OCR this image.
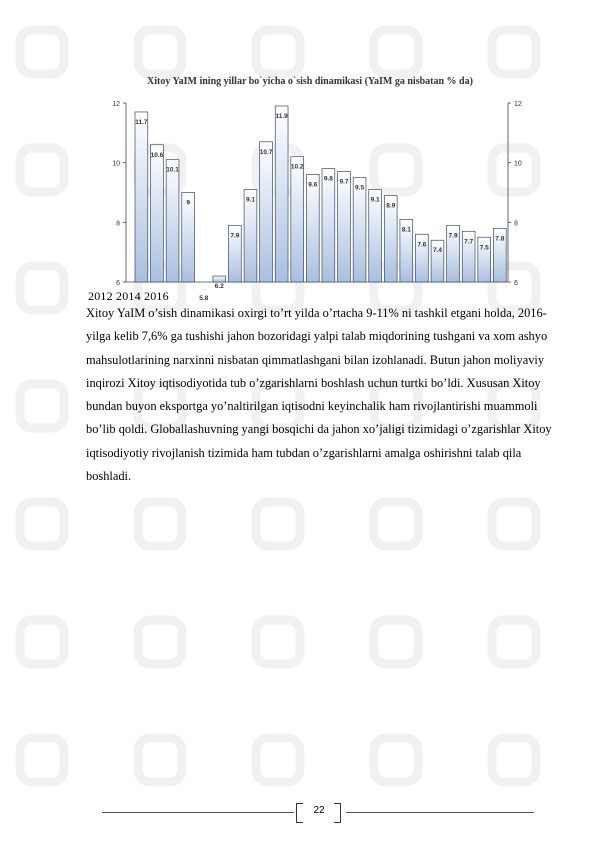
6	6
8	8
10	10
12	12
11.7
10.6
10.1
9
5.8
6.2
7.9
9.1
10.7
11.9
10.2
9.6
9.8 9.7
9.5
9.1
8.9
8.1
7.6
7.4
7.9
7.7
7.5
7.8
Xitoy YaIM ining yillar bo`yicha o`sish dinamikasi (YaIM ga nisbatan % da)
2012 2014 2016

Xitoy YaIM o’sish dinamikasi oxirgi to’rt yilda o’rtacha 9-11% ni tashkil etgani holda, 2016- yilga kelib 7,6% ga tushishi jahon bozoridagi yalpi talab miqdorining tushgani va xom ashyo mahsulotlarining narxinni nisbatan qimmatlashgani bilan izohlanadi. Butun jahon moliyaviy inqirozi Xitoy iqtisodiyotida tub o’zgarishlarni boshlash uchun turtki bo’ldi. Xususan Xitoy bundan buyon eksportga yo’naltirilgan iqtisodni keyinchalik ham rivojlantirishi muammoli bo’lib qoldi. Globallashuvning yangi bosqichi da jahon xo’jaligi tizimidagi o’zgarishlar Xitoy iqtisodiyotiy rivojlanish tizimida ham tubdan o’zgarishlarni amalga oshirishni talab qila boshladi.

22
